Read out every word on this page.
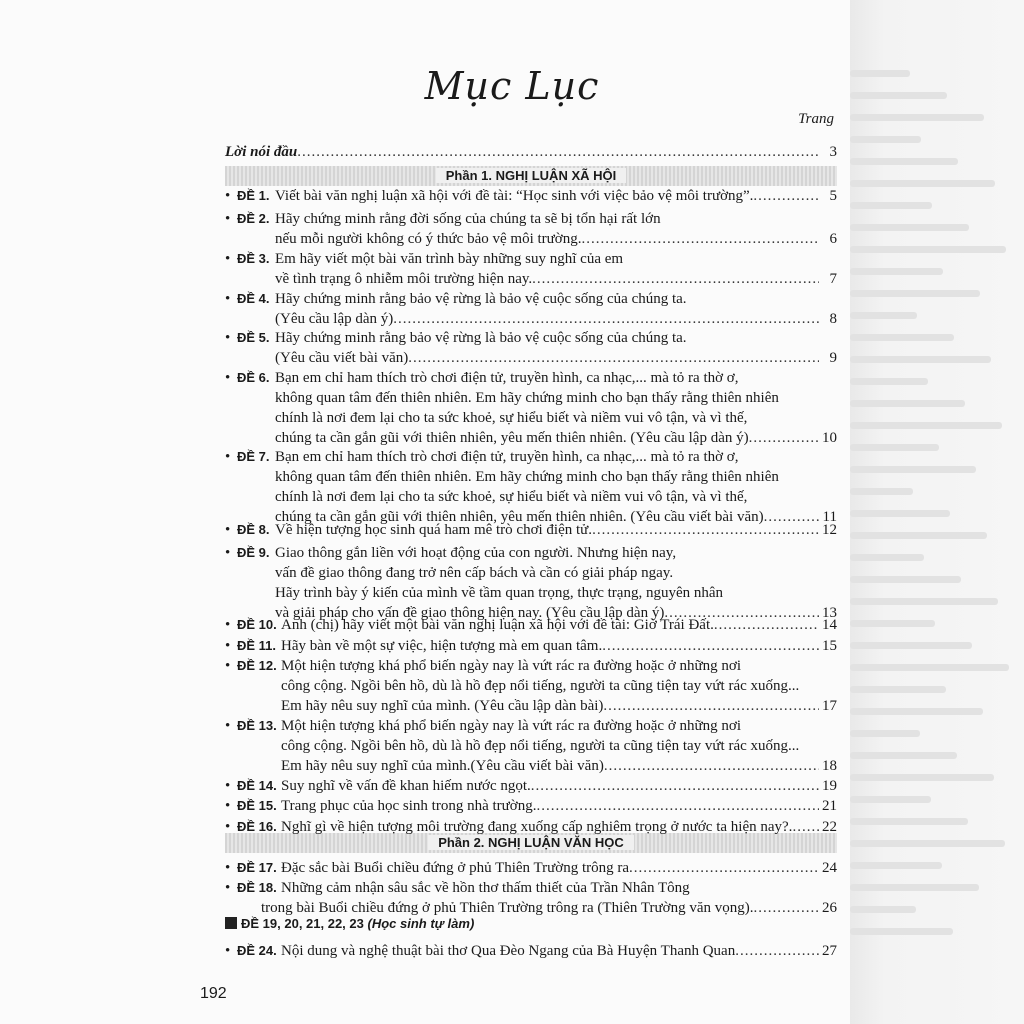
Mục Lục
Trang
Lời nói đầu .....	3
Phần 1. NGHỊ LUẬN XÃ HỘI
Phần 2. NGHỊ LUẬN VĂN HỌC
ĐỀ 19, 20, 21, 22, 23 (Học sinh tự làm)
192
• ĐỀ 1. Viết bài văn nghị luận xã hội với đề tài: “Học sinh với việc bảo vệ môi trường”. .....	5
• ĐỀ 2. Hãy chứng minh rằng đời sống của chúng ta sẽ bị tổn hại rất lớn
nếu mỗi người không có ý thức bảo vệ môi trường. .....	6
• ĐỀ 3. Em hãy viết một bài văn trình bày những suy nghĩ của em
về tình trạng ô nhiễm môi trường hiện nay. .....	7
• ĐỀ 4. Hãy chứng minh rằng bảo vệ rừng là bảo vệ cuộc sống của chúng ta.
(Yêu cầu lập dàn ý) .....	8
• ĐỀ 5. Hãy chứng minh rằng bảo vệ rừng là bảo vệ cuộc sống của chúng ta.
(Yêu cầu viết bài văn) .....	9
• ĐỀ 6. Bạn em chỉ ham thích trò chơi điện tử, truyền hình, ca nhạc,... mà tỏ ra thờ ơ,
không quan tâm đến thiên nhiên. Em hãy chứng minh cho bạn thấy rằng thiên nhiên
chính là nơi đem lại cho ta sức khoẻ, sự hiểu biết và niềm vui vô tận, và vì thế,
chúng ta cần gắn gũi với thiên nhiên, yêu mến thiên nhiên. (Yêu cầu lập dàn ý) .....	10
• ĐỀ 7. Bạn em chỉ ham thích trò chơi điện tử, truyền hình, ca nhạc,... mà tỏ ra thờ ơ,
không quan tâm đến thiên nhiên. Em hãy chứng minh cho bạn thấy rằng thiên nhiên
chính là nơi đem lại cho ta sức khoẻ, sự hiểu biết và niềm vui vô tận, và vì thế,
chúng ta cần gắn gũi với thiên nhiên, yêu mến thiên nhiên. (Yêu cầu viết bài văn) .....	11
• ĐỀ 8. Về hiện tượng học sinh quá ham mê trò chơi điện tử. .....	12
• ĐỀ 9. Giao thông gắn liền với hoạt động của con người. Nhưng hiện nay,
vấn đề giao thông đang trở nên cấp bách và cần có giải pháp ngay.
Hãy trình bày ý kiến của mình về tầm quan trọng, thực trạng, nguyên nhân
và giải pháp cho vấn đề giao thông hiện nay. (Yêu cầu lập dàn ý) .....	13
• ĐỀ 10. Anh (chị) hãy viết một bài văn nghị luận xã hội với đề tài: Giờ Trái Đất. .....	14
• ĐỀ 11. Hãy bàn về một sự việc, hiện tượng mà em quan tâm. .....	15
• ĐỀ 12. Một hiện tượng khá phổ biến ngày nay là vứt rác ra đường hoặc ở những nơi
công cộng. Ngồi bên hồ, dù là hồ đẹp nổi tiếng, người ta cũng tiện tay vứt rác xuống...
Em hãy nêu suy nghĩ của mình. (Yêu cầu lập dàn bài) .....	17
• ĐỀ 13. Một hiện tượng khá phổ biến ngày nay là vứt rác ra đường hoặc ở những nơi
công cộng. Ngồi bên hồ, dù là hồ đẹp nổi tiếng, người ta cũng tiện tay vứt rác xuống...
Em hãy nêu suy nghĩ của mình.(Yêu cầu viết bài văn) .....	18
• ĐỀ 14. Suy nghĩ về vấn đề khan hiếm nước ngọt. .....	19
• ĐỀ 15. Trang phục của học sinh trong nhà trường. .....	21
• ĐỀ 16. Nghĩ gì về hiện tượng môi trường đang xuống cấp nghiêm trọng ở nước ta hiện nay?. ..... 22
• ĐỀ 17. Đặc sắc bài Buổi chiều đứng ở phủ Thiên Trường trông ra .....	24
• ĐỀ 18. Những cảm nhận sâu sắc về hồn thơ thấm thiết của Trần Nhân Tông
trong bài Buổi chiều đứng ở phủ Thiên Trường trông ra (Thiên Trường văn vọng). .....	26
• ĐỀ 24. Nội dung và nghệ thuật bài thơ Qua Đèo Ngang của Bà Huyện Thanh Quan .....	27
